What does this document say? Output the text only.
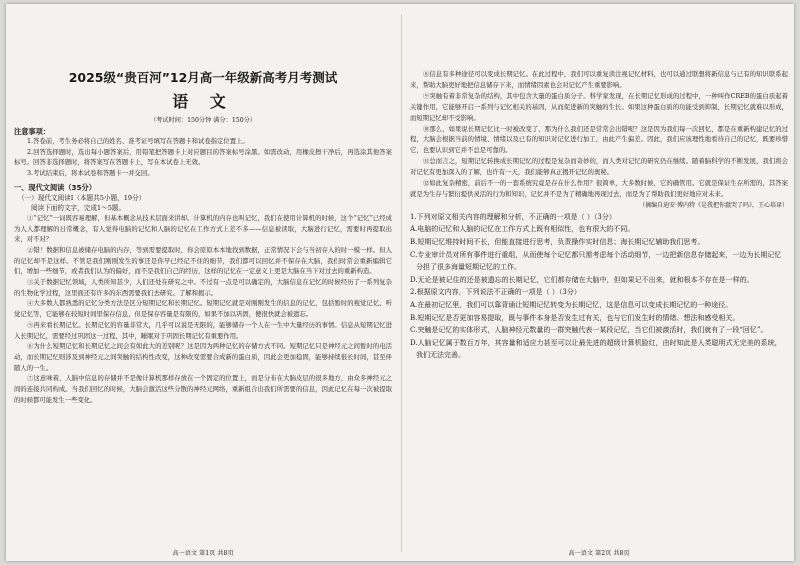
2025级“贵百河”12月高一年级新高考月考测试

语 文

（考试时间：150分钟 满分：150分）

注意事项：

1.答卷前，考生务必将自己的姓名、准考证号填写在答题卡和试卷指定位置上。

2.回答选择题时，选出每小题答案后，用铅笔把答题卡上对应题目的答案标号涂黑。如需改动，用橡皮擦干净后，再选涂其他答案标号。回答非选择题时，将答案写在答题卡上，写在本试卷上无效。

3.考试结束后，将本试卷和答题卡一并交回。

一、现代文阅读（35分）

（一）现代文阅读Ⅰ（本题共5小题，19分）

阅读下面的文字，完成1～5题。

①“记忆”一词既容易理解，但基本概念从技术层面来讲却。计算机的内存也叫记忆，我们在使用计算机的时候，这个“记忆”已经成为人人都理解的日常概念，有人觉得电脑的记忆和人脑的记忆在工作方式上差不多——信息被读取，大脑进行记忆，需要时再提取出来，对不对？

②错！数据和信息被储存电脑的内存，等到需要提取时，你会原原本本地找到数据，正常情况下会与当初存入的时一模一样。但人的记忆却不是这样。不管是我们刚刚发生的事还是你早已经记不住的细节，我们都可以回忆并不保存在大脑，我们时常会重新编辑它们，增加一些细节，或者我们认为的偏好，而不是我们自己的经历，这样的记忆在一定意义上更是大脑在当下对过去的重新构造。

③关于数据记忆领域，人类所知甚少，人们还处在研究之中。不过有一点是可以确定的，大脑信息在记忆的时候经历了一系列复杂的生物化学过程，这里面还有许多的东西需要我们去研究、了解和揭示。

④大多数人都熟悉的记忆分类方法是区分短期记忆和长期记忆。短期记忆就是对刚刚发生的信息的记忆，包括暂时的视觉记忆、听觉记忆等，它能够在较短时间里保存信息，但是保存容量是有限的，如果不加以巩固，便很快就会被遗忘。

⑤再来看长期记忆。长期记忆的容量非常大，几乎可以说是无限的，能够储存一个人在一生中大量经历的事情。信息从短期记忆进入长期记忆，需要经过巩固这一过程，其中，睡眠对于巩固长期记忆有重要作用。

⑥为什么短期记忆和长期记忆之间会有如此大的差别呢？这是因为两种记忆的存储方式不同。短期记忆只是神经元之间暂时的电活动，而长期记忆则涉及到神经元之间突触的结构性改变，这种改变需要合成新的蛋白质，因此会更加稳固，能够持续很长时间，甚至伴随人的一生。

⑦这意味着，人脑中信息的存储并不是像计算机那样存放在一个固定的位置上，而是分布在大脑皮层的很多地方，由众多神经元之间的连接共同构成。当我们回忆的时候，大脑会激活这些分散的神经元网络，重新组合出我们所需要的信息，因此记忆在每一次被提取的时候都可能发生一些变化。

高一语文 第1页 共8页

⑧信息有多种途径可以变成长期记忆。在此过程中，我们可以重复读注视记忆材料，也可以通过联想将新信息与已有的知识联系起来，帮助大脑更好地把信息储存下来，而情绪因素也会对记忆产生重要影响。

⑨突触有着非常复杂的结构，其中包含大量的蛋白质分子。科学家发现，在长期记忆形成的过程中，一种叫作CREB的蛋白质起着关键作用，它能够开启一系列与记忆相关的基因，从而促进新的突触的生长。如果这种蛋白质的功能受到抑制，长期记忆就难以形成，而短期记忆却不受影响。

⑩那么，如果说长期记忆比一时被改变了，那为什么我们还是常常会出错呢？这是因为我们每一次回忆，都是在重新构建记忆的过程，大脑会根据当前的情境、情绪以及已有的知识对记忆进行加工，由此产生偏差。因此，我们应该理性地看待自己的记忆，既要珍惜它，也要认识到它并不总是可靠的。

⑪总而言之，短期记忆转换成长期记忆的过程是复杂而奇妙的，而人类对记忆的研究仍在继续。随着脑科学的不断发展，我们将会对记忆有更加深入的了解，也许有一天，我们能够真正揭开记忆的奥秘。

⑫如此复杂精密，前后不一的一套系统究竟是存在什么作用？很简单，大多数时候，它的确管用。它就是保证生存所需的，其答案就是为生存与繁衍提供灵活的行为和知识，记忆并不是为了精确地再现过去，而是为了帮助我们更好地应对未来。

（摘编自迪安·博内特《是我把你蠢哭了吗》，王心培译）

1.下列对原文相关内容的理解和分析，不正确的一项是（ ）（3分）

A.电脑的记忆和人脑的记忆在工作方式上既有相似性，也有很大的不同。

B.短期记忆维持时间不长，但能直接进行思考，负责操作实时信息；海长期记忆辅助我们思考。

C.专业审计员对所有事件进行重组，从而使每个记忆都只需考虑每个活动细节，一边把新信息存储起来，一边为长期记忆分担了很多海量短期记忆的工作。

D.无论是被记住的还是被遗忘的长期记忆，它们都存储在大脑中，但如果记不出来，就和根本不存在是一样的。

2.根据原文内容，下列说法不正确的一项是（ ）（3分）

A.在最初记忆里，我们可以靠背诵让短期记忆转变为长期记忆，这是信息可以变成长期记忆的一种途径。

B.短期记忆是否更加容易提取，既与事件本身是否发生过有关，也与它们发生时的情绪、想法和感受相关。

C.突触是记忆的实体形式，人脑神经元数量的一群突触代表一某段记忆，当它们被激活时，我们就有了一段“回忆”。

D.人脑记忆属于数百万年，其容量和适应力甚至可以让最先进的超级计算机脸红，由时知此是人类聪明式无完美的系统，我们无法完善。

高一语文 第2页 共8页
